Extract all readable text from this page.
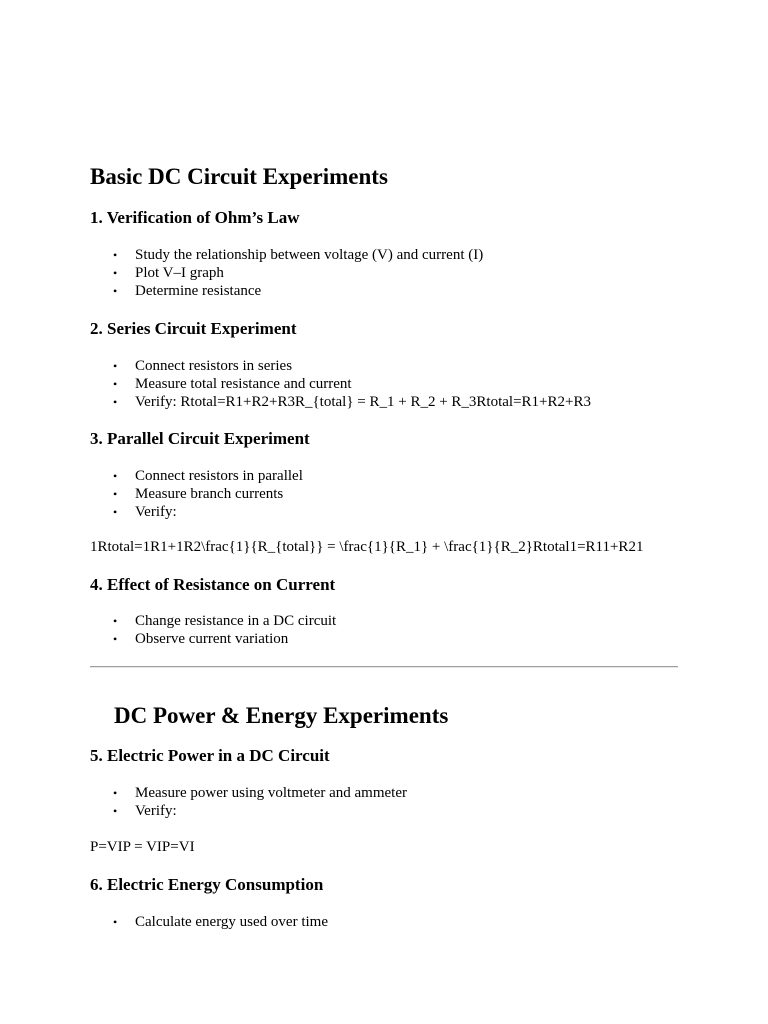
Basic DC Circuit Experiments
1. Verification of Ohm’s Law
• Study the relationship between voltage (V) and current (I)
• Plot V–I graph
• Determine resistance
2. Series Circuit Experiment
• Connect resistors in series
• Measure total resistance and current
• Verify: Rtotal=R1+R2+R3R_{total} = R_1 + R_2 + R_3Rtotal=R1+R2+R3
3. Parallel Circuit Experiment
• Connect resistors in parallel
• Measure branch currents
• Verify:

1Rtotal=1R1+1R2\frac{1}{R_{total}} = \frac{1}{R_1} + \frac{1}{R_2}Rtotal1=R11+R21

4. Effect of Resistance on Current
• Change resistance in a DC circuit
• Observe current variation
DC Power & Energy Experiments
5. Electric Power in a DC Circuit
• Measure power using voltmeter and ammeter
• Verify:

P=VIP = VIP=VI

6. Electric Energy Consumption
• Calculate energy used over time
